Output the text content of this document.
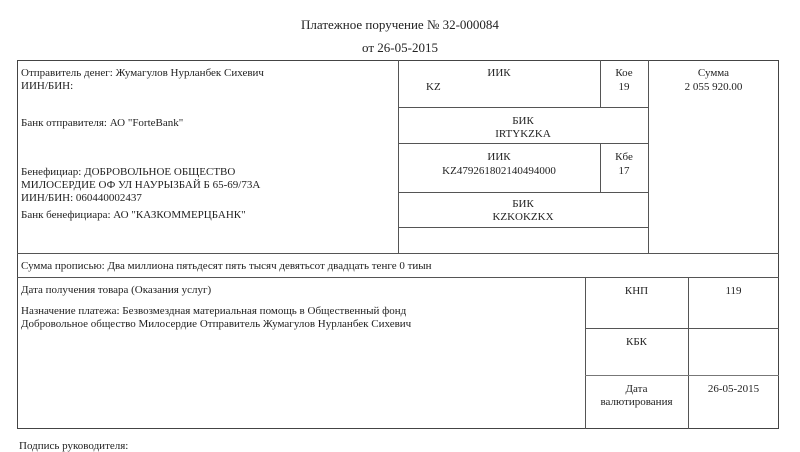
Платежное поручение № 32-000084
от 26-05-2015
Отправитель денег: Жумагулов Нурланбек Сихевич
ИИН/БИН:
Банк отправителя: АО "ForteBank"
ИИК
KZ
Кое
19
БИК
IRTYKZKA
Сумма
2 055 920.00
Бенефициар: ДОБРОВОЛЬНОЕ ОБЩЕСТВО
МИЛОСЕРДИЕ ОФ УЛ НАУРЫЗБАЙ Б 65-69/73А
ИИН/БИН: 060440002437
Банк бенефициара: АО "КАЗКОММЕРЦБАНК"
ИИК
KZ479261802140494000
Кбе
17
БИК
KZKOKZKX
Сумма прописью: Два миллиона пятьдесят пять тысяч девятьсот двадцать тенге 0 тиын
Дата получения товара (Оказания услуг)
Назначение платежа: Безвозмездная материальная помощь в Общественный фонд
Добровольное общество Милосердие Отправитель Жумагулов Нурланбек Сихевич
КНП	119
КБК
Дата
валютирования
26-05-2015
Подпись руководителя:
